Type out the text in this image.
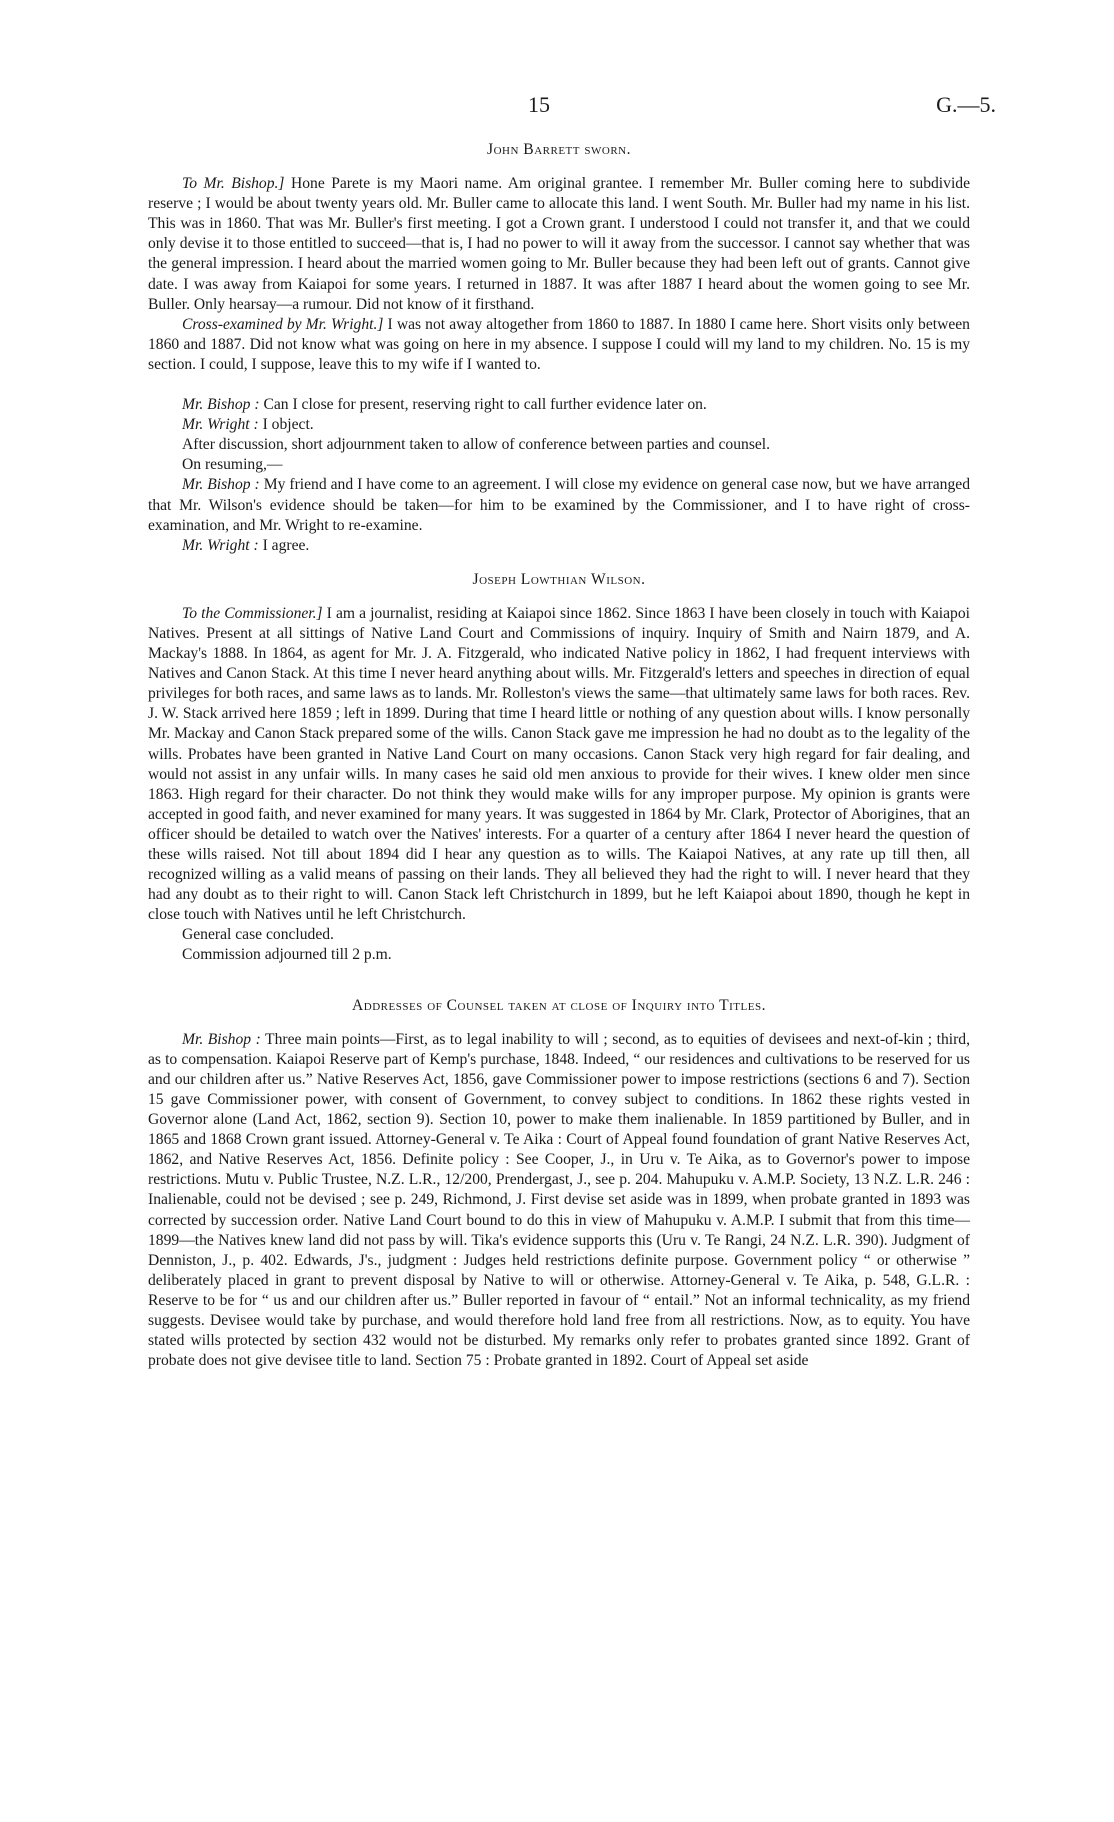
15	G.—5.

John Barrett sworn.

To Mr. Bishop.] Hone Parete is my Maori name. Am original grantee. I remember Mr. Buller coming here to subdivide reserve ; I would be about twenty years old. Mr. Buller came to allocate this land. I went South. Mr. Buller had my name in his list. This was in 1860. That was Mr. Buller's first meeting. I got a Crown grant. I understood I could not transfer it, and that we could only devise it to those entitled to succeed—that is, I had no power to will it away from the successor. I cannot say whether that was the general impression. I heard about the married women going to Mr. Buller because they had been left out of grants. Cannot give date. I was away from Kaiapoi for some years. I returned in 1887. It was after 1887 I heard about the women going to see Mr. Buller. Only hearsay—a rumour. Did not know of it firsthand.

Cross-examined by Mr. Wright.] I was not away altogether from 1860 to 1887. In 1880 I came here. Short visits only between 1860 and 1887. Did not know what was going on here in my absence. I suppose I could will my land to my children. No. 15 is my section. I could, I suppose, leave this to my wife if I wanted to.

Mr. Bishop : Can I close for present, reserving right to call further evidence later on.

Mr. Wright : I object.

After discussion, short adjournment taken to allow of conference between parties and counsel.

On resuming,—

Mr. Bishop : My friend and I have come to an agreement. I will close my evidence on general case now, but we have arranged that Mr. Wilson's evidence should be taken—for him to be examined by the Commissioner, and I to have right of cross-examination, and Mr. Wright to re-examine.

Mr. Wright : I agree.

Joseph Lowthian Wilson.

To the Commissioner.] I am a journalist, residing at Kaiapoi since 1862. Since 1863 I have been closely in touch with Kaiapoi Natives. Present at all sittings of Native Land Court and Commissions of inquiry. Inquiry of Smith and Nairn 1879, and A. Mackay's 1888. In 1864, as agent for Mr. J. A. Fitzgerald, who indicated Native policy in 1862, I had frequent interviews with Natives and Canon Stack. At this time I never heard anything about wills. Mr. Fitzgerald's letters and speeches in direction of equal privileges for both races, and same laws as to lands. Mr. Rolleston's views the same—that ultimately same laws for both races. Rev. J. W. Stack arrived here 1859 ; left in 1899. During that time I heard little or nothing of any question about wills. I know personally Mr. Mackay and Canon Stack prepared some of the wills. Canon Stack gave me impression he had no doubt as to the legality of the wills. Probates have been granted in Native Land Court on many occasions. Canon Stack very high regard for fair dealing, and would not assist in any unfair wills. In many cases he said old men anxious to provide for their wives. I knew older men since 1863. High regard for their character. Do not think they would make wills for any improper purpose. My opinion is grants were accepted in good faith, and never examined for many years. It was suggested in 1864 by Mr. Clark, Protector of Aborigines, that an officer should be detailed to watch over the Natives' interests. For a quarter of a century after 1864 I never heard the question of these wills raised. Not till about 1894 did I hear any question as to wills. The Kaiapoi Natives, at any rate up till then, all recognized willing as a valid means of passing on their lands. They all believed they had the right to will. I never heard that they had any doubt as to their right to will. Canon Stack left Christchurch in 1899, but he left Kaiapoi about 1890, though he kept in close touch with Natives until he left Christchurch.

General case concluded.

Commission adjourned till 2 p.m.

Addresses of Counsel taken at close of Inquiry into Titles.

Mr. Bishop : Three main points—First, as to legal inability to will ; second, as to equities of devisees and next-of-kin ; third, as to compensation. Kaiapoi Reserve part of Kemp's purchase, 1848. Indeed, “ our residences and cultivations to be reserved for us and our children after us.” Native Reserves Act, 1856, gave Commissioner power to impose restrictions (sections 6 and 7). Section 15 gave Commissioner power, with consent of Government, to convey subject to conditions. In 1862 these rights vested in Governor alone (Land Act, 1862, section 9). Section 10, power to make them inalienable. In 1859 partitioned by Buller, and in 1865 and 1868 Crown grant issued. Attorney-General v. Te Aika : Court of Appeal found foundation of grant Native Reserves Act, 1862, and Native Reserves Act, 1856. Definite policy : See Cooper, J., in Uru v. Te Aika, as to Governor's power to impose restrictions. Mutu v. Public Trustee, N.Z. L.R., 12/200, Prendergast, J., see p. 204. Mahupuku v. A.M.P. Society, 13 N.Z. L.R. 246 : Inalienable, could not be devised ; see p. 249, Richmond, J. First devise set aside was in 1899, when probate granted in 1893 was corrected by succession order. Native Land Court bound to do this in view of Mahupuku v. A.M.P. I submit that from this time—1899—the Natives knew land did not pass by will. Tika's evidence supports this (Uru v. Te Rangi, 24 N.Z. L.R. 390). Judgment of Denniston, J., p. 402. Edwards, J's., judgment : Judges held restrictions definite purpose. Government policy “ or otherwise ” deliberately placed in grant to prevent disposal by Native to will or otherwise. Attorney-General v. Te Aika, p. 548, G.L.R. : Reserve to be for “ us and our children after us.” Buller reported in favour of “ entail.” Not an informal technicality, as my friend suggests. Devisee would take by purchase, and would therefore hold land free from all restrictions. Now, as to equity. You have stated wills protected by section 432 would not be disturbed. My remarks only refer to probates granted since 1892. Grant of probate does not give devisee title to land. Section 75 : Probate granted in 1892. Court of Appeal set aside
